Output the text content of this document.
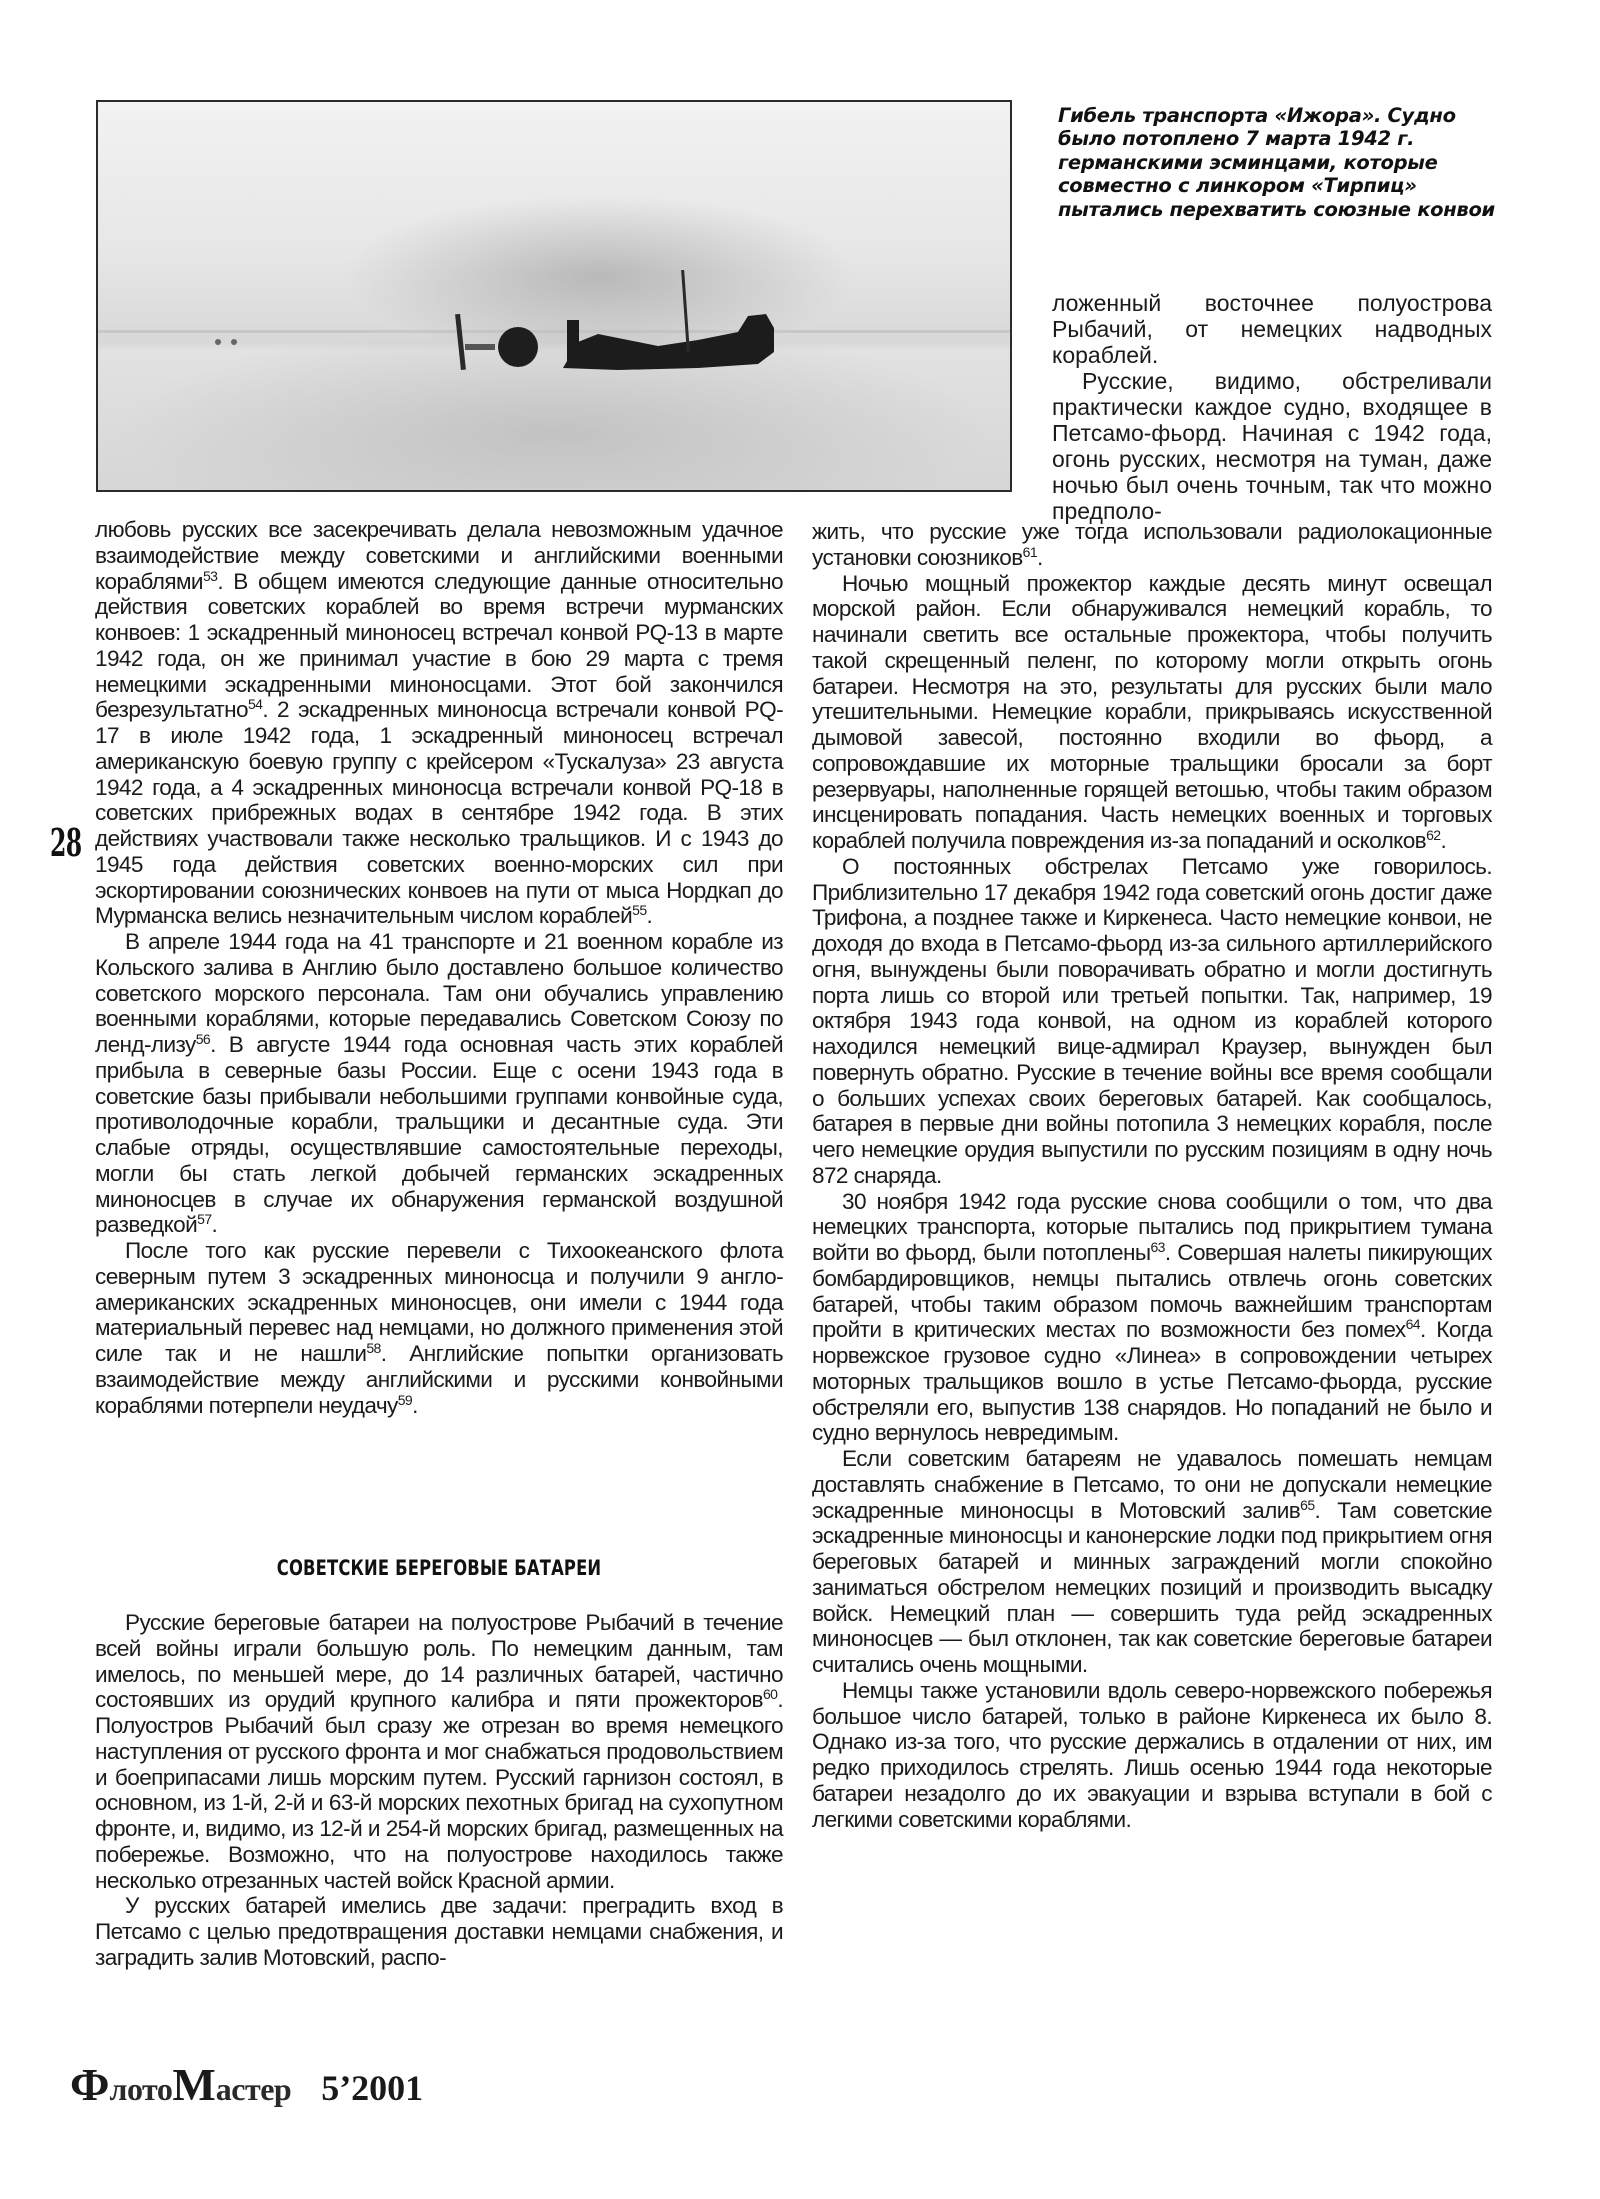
Гибель транспорта «Ижора». Судно было потоплено 7 марта 1942 г. германскими эсминцами, которые совместно с линкором «Тирпиц» пытались перехватить союзные конвои

ложенный восточнее полуострова Рыбачий, от немецких надводных кораблей.

Русские, видимо, обстреливали практически каждое судно, входящее в Петсамо-фьорд. Начиная с 1942 года, огонь русских, несмотря на туман, даже ночью был очень точным, так что можно предполо-

28

любовь русских все засекречивать делала невозможным удачное взаимодействие между советскими и английскими военными кораблями$^{53}$. В общем имеются следующие данные относительно действия советских кораблей во время встречи мурманских конвоев: 1 эскадренный миноносец встречал конвой PQ-13 в марте 1942 года, он же принимал участие в бою 29 марта с тремя немецкими эскадренными миноносцами. Этот бой закончился безрезультатно$^{54}$. 2 эскадренных миноносца встречали конвой PQ-17 в июле 1942 года, 1 эскадренный миноносец встречал американскую боевую группу с крейсером «Тускалуза» 23 августа 1942 года, а 4 эскадренных миноносца встречали конвой PQ-18 в советских прибрежных водах в сентябре 1942 года. В этих действиях участвовали также несколько тральщиков. И с 1943 до 1945 года действия советских военно-морских сил при эскортировании союзнических конвоев на пути от мыса Нордкап до Мурманска велись незначительным числом кораблей$^{55}$.

В апреле 1944 года на 41 транспорте и 21 военном корабле из Кольского залива в Англию было доставлено большое количество советского морского персонала. Там они обучались управлению военными кораблями, которые передавались Советском Союзу по ленд-лизу$^{56}$. В августе 1944 года основная часть этих кораблей прибыла в северные базы России. Еще с осени 1943 года в советские базы прибывали небольшими группами конвойные суда, противолодочные корабли, тральщики и десантные суда. Эти слабые отряды, осуществлявшие самостоятельные переходы, могли бы стать легкой добычей германских эскадренных миноносцев в случае их обнаружения германской воздушной разведкой$^{57}$.

После того как русские перевели с Тихоокеанского флота северным путем 3 эскадренных миноносца и получили 9 англо-американских эскадренных миноносцев, они имели с 1944 года материальный перевес над немцами, но должного применения этой силе так и не нашли$^{58}$. Английские попытки организовать взаимодействие между английскими и русскими конвойными кораблями потерпели неудачу$^{59}$.

СОВЕТСКИЕ БЕРЕГОВЫЕ БАТАРЕИ

Русские береговые батареи на полуострове Рыбачий в течение всей войны играли большую роль. По немецким данным, там имелось, по меньшей мере, до 14 различных батарей, частично состоявших из орудий крупного калибра и пяти прожекторов$^{60}$. Полуостров Рыбачий был сразу же отрезан во время немецкого наступления от русского фронта и мог снабжаться продовольствием и боеприпасами лишь морским путем. Русский гарнизон состоял, в основном, из 1-й, 2-й и 63-й морских пехотных бригад на сухопутном фронте, и, видимо, из 12-й и 254-й морских бригад, размещенных на побережье. Возможно, что на полуострове находилось также несколько отрезанных частей войск Красной армии.

У русских батарей имелись две задачи: преградить вход в Петсамо с целью предотвращения доставки немцами снабжения, и заградить залив Мотовский, распо-

жить, что русские уже тогда использовали радиолокационные установки союзников$^{61}$.

Ночью мощный прожектор каждые десять минут освещал морской район. Если обнаруживался немецкий корабль, то начинали светить все остальные прожектора, чтобы получить такой скрещенный пеленг, по которому могли открыть огонь батареи. Несмотря на это, результаты для русских были мало утешительными. Немецкие корабли, прикрываясь искусственной дымовой завесой, постоянно входили во фьорд, а сопровождавшие их моторные тральщики бросали за борт резервуары, наполненные горящей ветошью, чтобы таким образом инсценировать попадания. Часть немецких военных и торговых кораблей получила повреждения из-за попаданий и осколков$^{62}$.

О постоянных обстрелах Петсамо уже говорилось. Приблизительно 17 декабря 1942 года советский огонь достиг даже Трифона, а позднее также и Киркенеса. Часто немецкие конвои, не доходя до входа в Петсамо-фьорд из-за сильного артиллерийского огня, вынуждены были поворачивать обратно и могли достигнуть порта лишь со второй или третьей попытки. Так, например, 19 октября 1943 года конвой, на одном из кораблей которого находился немецкий вице-адмирал Краузер, вынужден был повернуть обратно. Русские в течение войны все время сообщали о больших успехах своих береговых батарей. Как сообщалось, батарея в первые дни войны потопила 3 немецких корабля, после чего немецкие орудия выпустили по русским позициям в одну ночь 872 снаряда.

30 ноября 1942 года русские снова сообщили о том, что два немецких транспорта, которые пытались под прикрытием тумана войти во фьорд, были потоплены$^{63}$. Совершая налеты пикирующих бомбардировщиков, немцы пытались отвлечь огонь советских батарей, чтобы таким образом помочь важнейшим транспортам пройти в критических местах по возможности без помех$^{64}$. Когда норвежское грузовое судно «Линеа» в сопровождении четырех моторных тральщиков вошло в устье Петсамо-фьорда, русские обстреляли его, выпустив 138 снарядов. Но попаданий не было и судно вернулось невредимым.

Если советским батареям не удавалось помешать немцам доставлять снабжение в Петсамо, то они не допускали немецкие эскадренные миноносцы в Мотовский залив$^{65}$. Там советские эскадренные миноносцы и канонерские лодки под прикрытием огня береговых батарей и минных заграждений могли спокойно заниматься обстрелом немецких позиций и производить высадку войск. Немецкий план — совершить туда рейд эскадренных миноносцев — был отклонен, так как советские береговые батареи считались очень мощными.

Немцы также установили вдоль северо-норвежского побережья большое число батарей, только в районе Киркенеса их было 8. Однако из-за того, что русские держались в отдалении от них, им редко приходилось стрелять. Лишь осенью 1944 года некоторые батареи незадолго до их эвакуации и взрыва вступали в бой с легкими советскими кораблями.

ФлотоМастер 5’2001
